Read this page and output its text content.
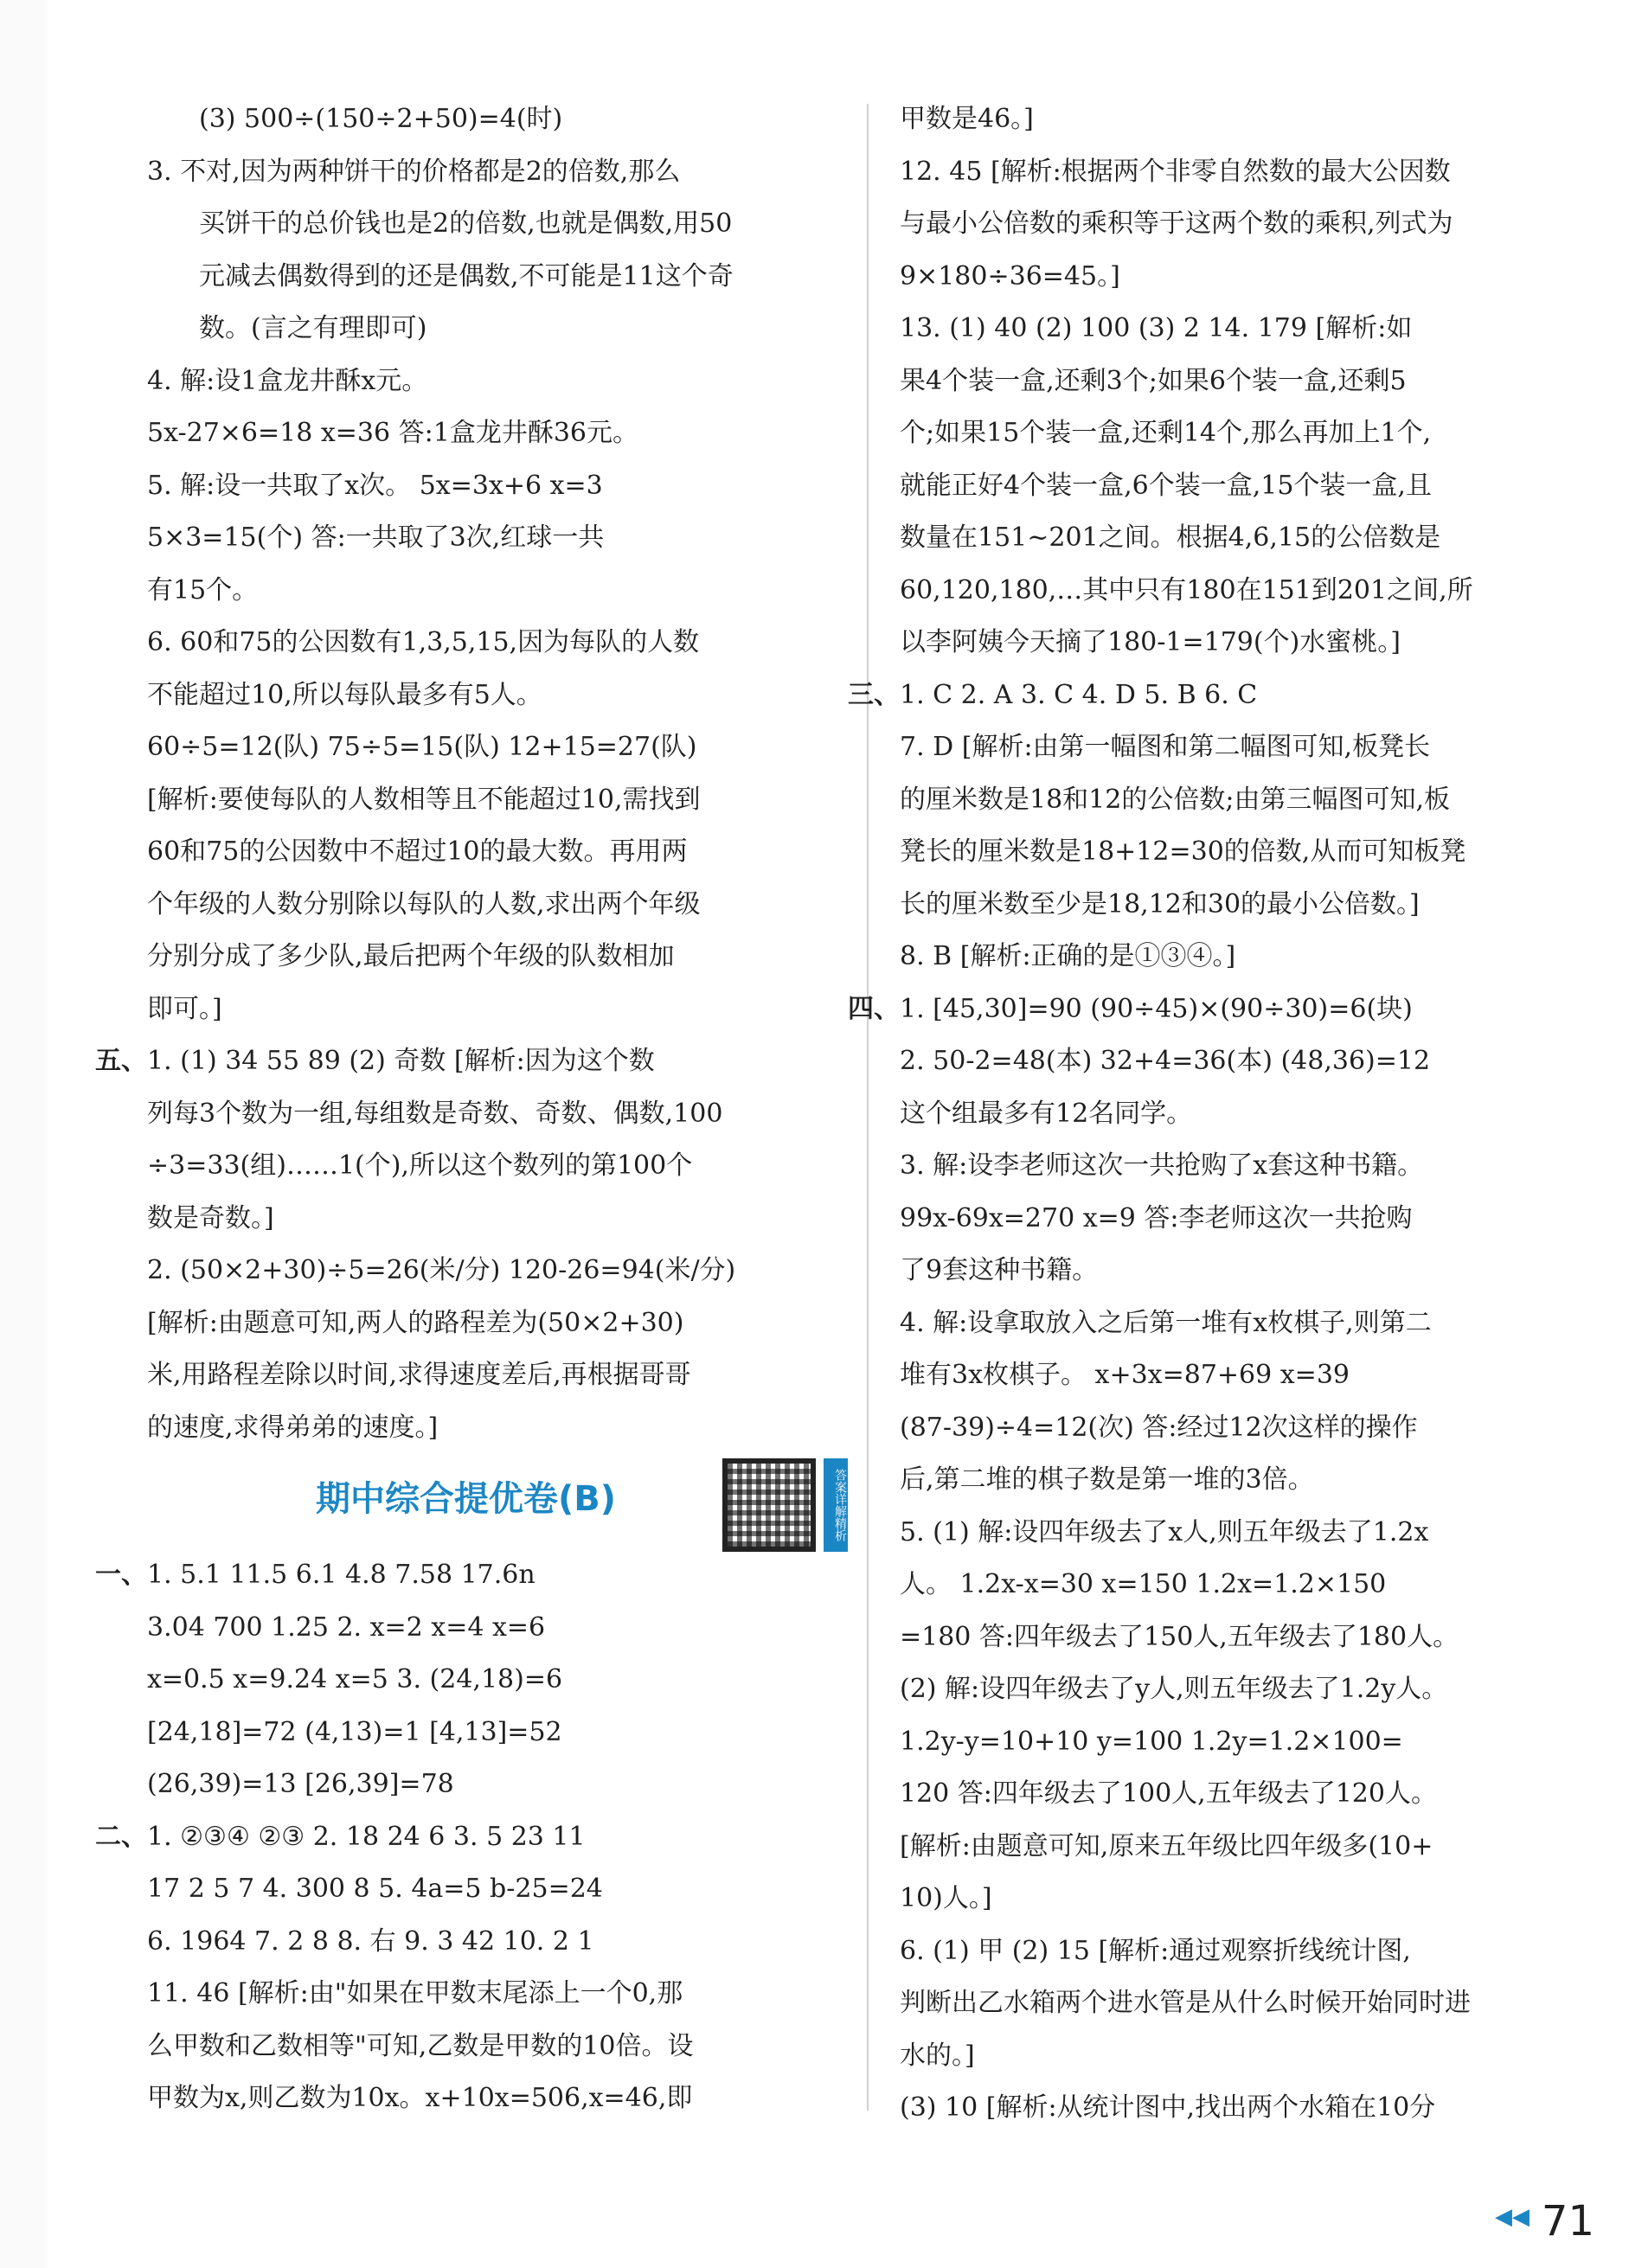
(3) 500÷(150÷2+50)=4(时)
3. 不对,因为两种饼干的价格都是2的倍数,那么
买饼干的总价钱也是2的倍数,也就是偶数,用50
元减去偶数得到的还是偶数,不可能是11这个奇
数。(言之有理即可)
4. 解:设1盒龙井酥x元。
5x-27×6=18 x=36 答:1盒龙井酥36元。
5. 解:设一共取了x次。 5x=3x+6 x=3
5×3=15(个) 答:一共取了3次,红球一共
有15个。
6. 60和75的公因数有1,3,5,15,因为每队的人数
不能超过10,所以每队最多有5人。
60÷5=12(队) 75÷5=15(队) 12+15=27(队)
[解析:要使每队的人数相等且不能超过10,需找到
60和75的公因数中不超过10的最大数。再用两
个年级的人数分别除以每队的人数,求出两个年级
分别分成了多少队,最后把两个年级的队数相加
即可。]
五、 1. (1) 34 55 89 (2) 奇数 [解析:因为这个数
列每3个数为一组,每组数是奇数、奇数、偶数,100
÷3=33(组)……1(个),所以这个数列的第100个
数是奇数。]
2. (50×2+30)÷5=26(米/分) 120-26=94(米/分)
[解析:由题意可知,两人的路程差为(50×2+30)
米,用路程差除以时间,求得速度差后,再根据哥哥
的速度,求得弟弟的速度。]
期中综合提优卷(B)	答案详解精析
一、 1. 5.1 11.5 6.1 4.8 7.58 17.6n
3.04 700 1.25 2. x=2 x=4 x=6
x=0.5 x=9.24 x=5 3. (24,18)=6
[24,18]=72 (4,13)=1 [4,13]=52
(26,39)=13 [26,39]=78
二、 1. ②③④ ②③ 2. 18 24 6 3. 5 23 11
17 2 5 7 4. 300 8 5. 4a=5 b-25=24
6. 1964 7. 2 8 8. 右 9. 3 42 10. 2 1
11. 46 [解析:由"如果在甲数末尾添上一个0,那
么甲数和乙数相等"可知,乙数是甲数的10倍。设
甲数为x,则乙数为10x。x+10x=506,x=46,即
甲数是46。]
12. 45 [解析:根据两个非零自然数的最大公因数
与最小公倍数的乘积等于这两个数的乘积,列式为
9×180÷36=45。]
13. (1) 40 (2) 100 (3) 2 14. 179 [解析:如
果4个装一盒,还剩3个;如果6个装一盒,还剩5
个;如果15个装一盒,还剩14个,那么再加上1个,
就能正好4个装一盒,6个装一盒,15个装一盒,且
数量在151~201之间。根据4,6,15的公倍数是
60,120,180,…其中只有180在151到201之间,所
以李阿姨今天摘了180-1=179(个)水蜜桃。]
三、 1. C 2. A 3. C 4. D 5. B 6. C
7. D [解析:由第一幅图和第二幅图可知,板凳长
的厘米数是18和12的公倍数;由第三幅图可知,板
凳长的厘米数是18+12=30的倍数,从而可知板凳
长的厘米数至少是18,12和30的最小公倍数。]
8. B [解析:正确的是①③④。]
四、 1. [45,30]=90 (90÷45)×(90÷30)=6(块)
2. 50-2=48(本) 32+4=36(本) (48,36)=12
这个组最多有12名同学。
3. 解:设李老师这次一共抢购了x套这种书籍。
99x-69x=270 x=9 答:李老师这次一共抢购
了9套这种书籍。
4. 解:设拿取放入之后第一堆有x枚棋子,则第二
堆有3x枚棋子。 x+3x=87+69 x=39
(87-39)÷4=12(次) 答:经过12次这样的操作
后,第二堆的棋子数是第一堆的3倍。
5. (1) 解:设四年级去了x人,则五年级去了1.2x
人。 1.2x-x=30 x=150 1.2x=1.2×150
=180 答:四年级去了150人,五年级去了180人。
(2) 解:设四年级去了y人,则五年级去了1.2y人。
1.2y-y=10+10 y=100 1.2y=1.2×100=
120 答:四年级去了100人,五年级去了120人。
[解析:由题意可知,原来五年级比四年级多(10+
10)人。]
6. (1) 甲 (2) 15 [解析:通过观察折线统计图,
判断出乙水箱两个进水管是从什么时候开始同时进
水的。]
(3) 10 [解析:从统计图中,找出两个水箱在10分
◀◀ 71
